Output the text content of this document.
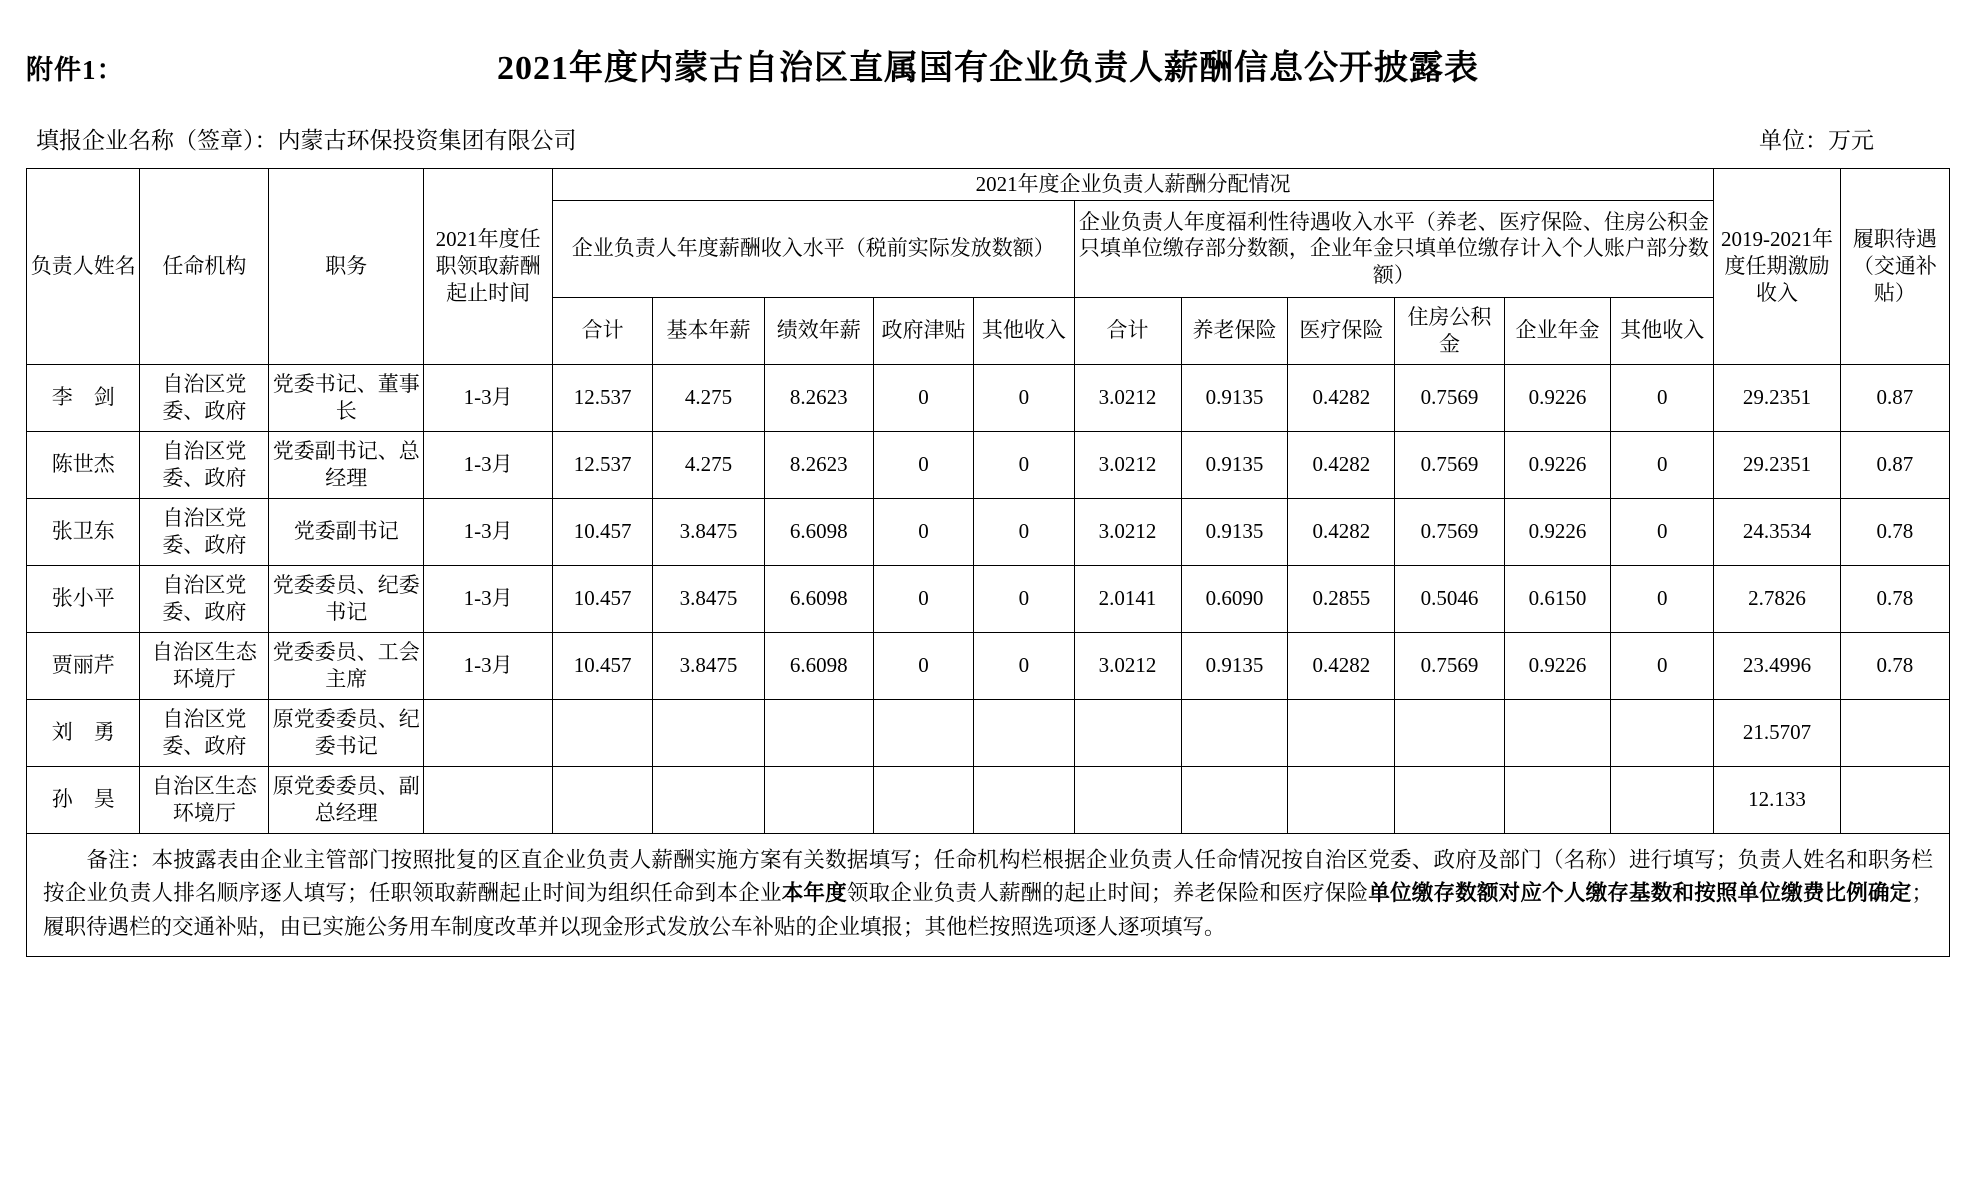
附件1：	2021年度内蒙古自治区直属国有企业负责人薪酬信息公开披露表
填报企业名称（签章）：内蒙古环保投资集团有限公司	单位：万元
负责人姓名	任命机构	职务	2021年度任职领取薪酬起止时间	2021年度企业负责人薪酬分配情况											2019-2021年度任期激励收入	履职待遇（交通补贴）
				企业负责人年度薪酬收入水平（税前实际发放数额）					企业负责人年度福利性待遇收入水平（养老、医疗保险、住房公积金只填单位缴存部分数额，企业年金只填单位缴存计入个人账户部分数额）							
				合计	基本年薪	绩效年薪	政府津贴	其他收入	合计	养老保险	医疗保险	住房公积金	企业年金	其他收入		
李　剑	自治区党委、政府	党委书记、董事长	1-3月	12.537	4.275	8.2623	0	0	3.0212	0.9135	0.4282	0.7569	0.9226	0	29.2351	0.87
陈世杰	自治区党委、政府	党委副书记、总经理	1-3月	12.537	4.275	8.2623	0	0	3.0212	0.9135	0.4282	0.7569	0.9226	0	29.2351	0.87
张卫东	自治区党委、政府	党委副书记	1-3月	10.457	3.8475	6.6098	0	0	3.0212	0.9135	0.4282	0.7569	0.9226	0	24.3534	0.78
张小平	自治区党委、政府	党委委员、纪委书记	1-3月	10.457	3.8475	6.6098	0	0	2.0141	0.6090	0.2855	0.5046	0.6150	0	2.7826	0.78
贾丽芹	自治区生态环境厅	党委委员、工会主席	1-3月	10.457	3.8475	6.6098	0	0	3.0212	0.9135	0.4282	0.7569	0.9226	0	23.4996	0.78
刘　勇	自治区党委、政府	原党委委员、纪委书记													21.5707	
孙　昊	自治区生态环境厅	原党委委员、副总经理													12.133	
　　备注：本披露表由企业主管部门按照批复的区直企业负责人薪酬实施方案有关数据填写；任命机构栏根据企业负责人任命情况按自治区党委、政府及部门（名称）进行填写；负责人姓名和职务栏按企业负责人排名顺序逐人填写；任职领取薪酬起止时间为组织任命到本企业本年度领取企业负责人薪酬的起止时间；养老保险和医疗保险单位缴存数额对应个人缴存基数和按照单位缴费比例确定；履职待遇栏的交通补贴，由已实施公务用车制度改革并以现金形式发放公车补贴的企业填报；其他栏按照选项逐人逐项填写。
